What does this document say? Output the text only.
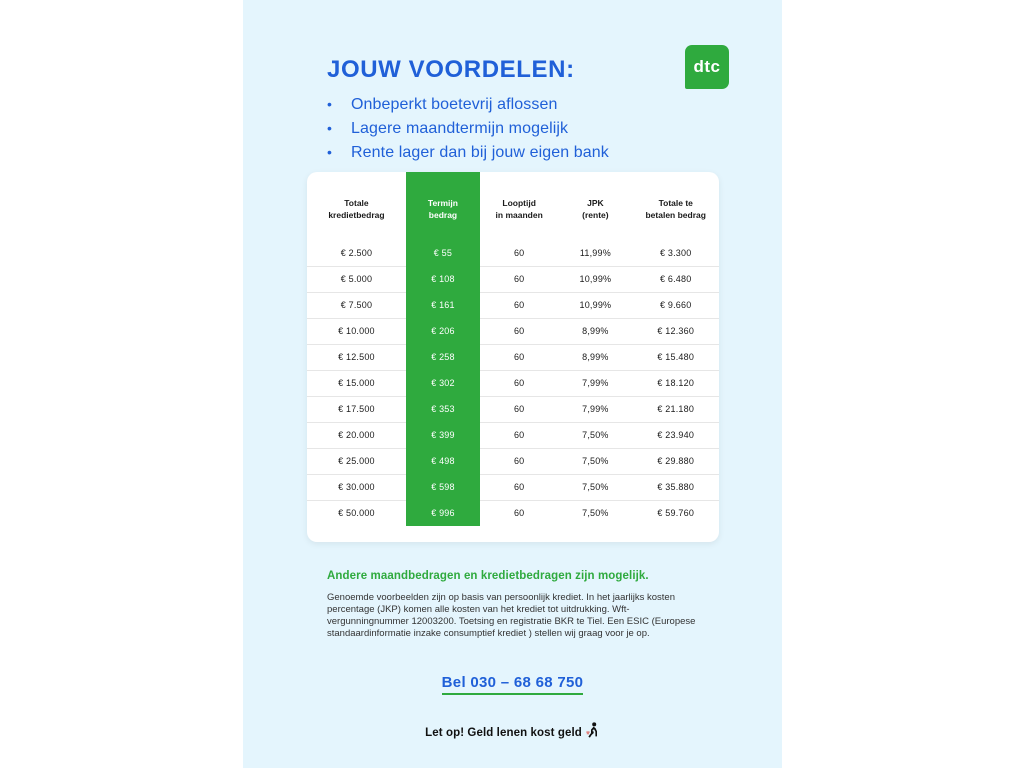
dtc
JOUW VOORDELEN:
•	Onbeperkt boetevrij aflossen
•	Lagere maandtermijn mogelijk
•	Rente lager dan bij jouw eigen bank
Totale
kredietbedrag

Termijn
bedrag

Looptijd
in maanden

JPK
(rente)

Totale te
betalen bedrag

€ 2.500	€ 55	60	11,99%	€ 3.300
€ 5.000	€ 108	60	10,99%	€ 6.480
€ 7.500	€ 161	60	10,99%	€ 9.660
€ 10.000	€ 206	60	8,99%	€ 12.360
€ 12.500	€ 258	60	8,99%	€ 15.480
€ 15.000	€ 302	60	7,99%	€ 18.120
€ 17.500	€ 353	60	7,99%	€ 21.180
€ 20.000	€ 399	60	7,50%	€ 23.940
€ 25.000	€ 498	60	7,50%	€ 29.880
€ 30.000	€ 598	60	7,50%	€ 35.880
€ 50.000	€ 996	60	7,50%	€ 59.760
Andere maandbedragen en kredietbedragen zijn mogelijk.
Genoemde voorbeelden zijn op basis van persoonlijk krediet. In het jaarlijks kosten percentage (JKP) komen alle kosten van het krediet tot uitdrukking. Wft-vergunningnummer 12003200. Toetsing en registratie BKR te Tiel. Een ESIC (Europese standaardinformatie inzake consumptief krediet ) stellen wij graag voor je op.
Bel 030 – 68 68 750
Let op! Geld lenen kost geld
